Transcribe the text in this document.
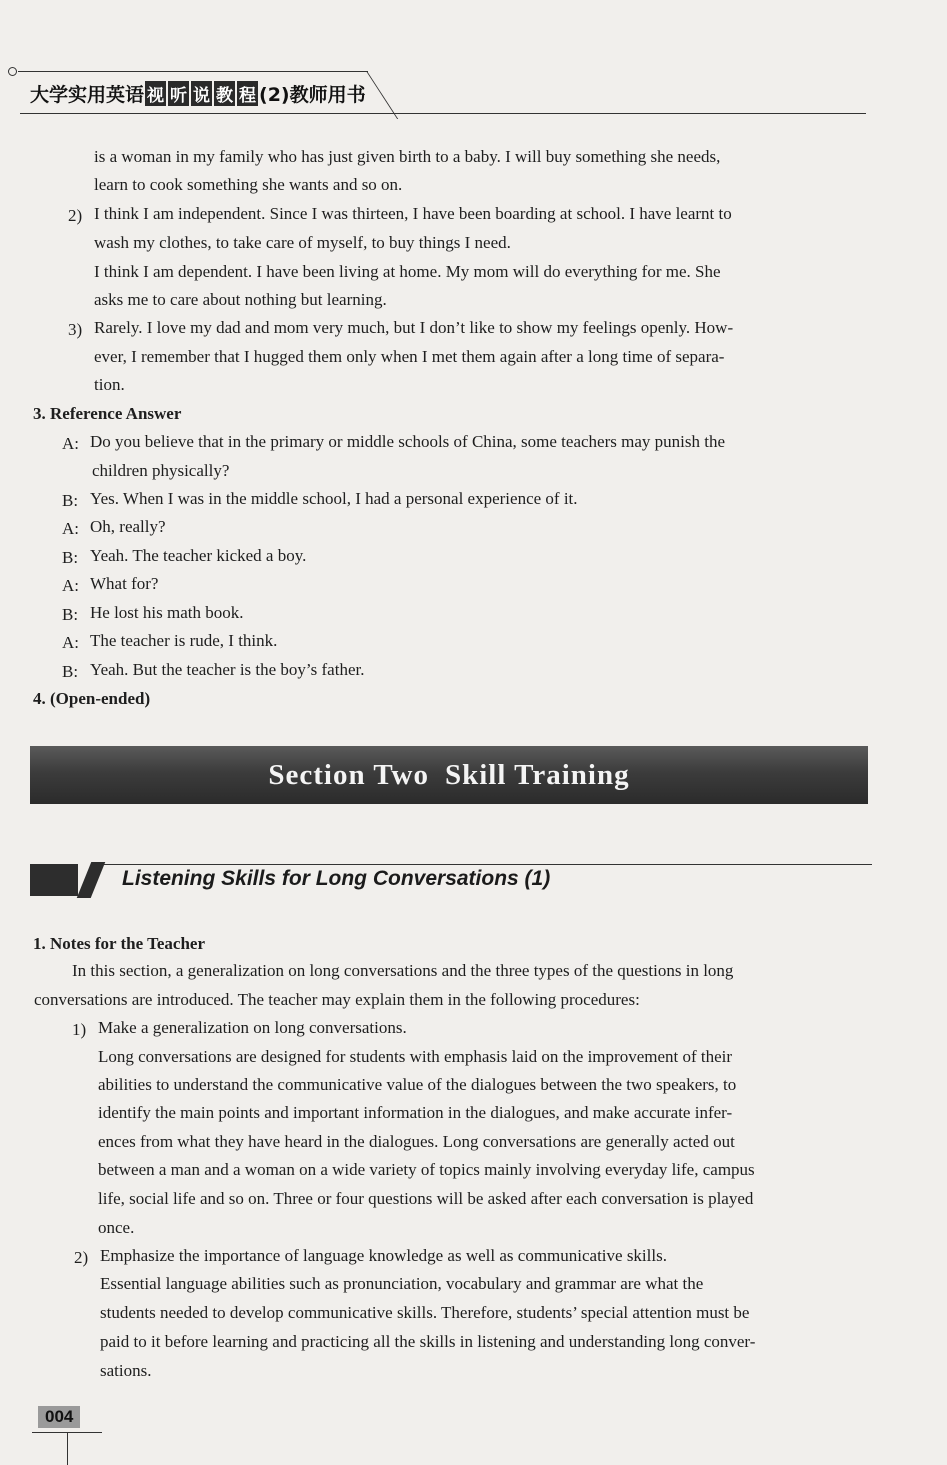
大学实用英语 视 听 说 教 程 (2)教师用书
is a woman in my family who has just given birth to a baby. I will buy something she needs,
learn to cook something she wants and so on.
2) I think I am independent. Since I was thirteen, I have been boarding at school. I have learnt to
wash my clothes, to take care of myself, to buy things I need.
I think I am dependent. I have been living at home. My mom will do everything for me. She
asks me to care about nothing but learning.
3) Rarely. I love my dad and mom very much, but I don’t like to show my feelings openly. How-
ever, I remember that I hugged them only when I met them again after a long time of separa-
tion.
3. Reference Answer
A: Do you believe that in the primary or middle schools of China, some teachers may punish the
children physically?
B: Yes. When I was in the middle school, I had a personal experience of it.
A: Oh, really?
B: Yeah. The teacher kicked a boy.
A: What for?
B: He lost his math book.
A: The teacher is rude, I think.
B: Yeah. But the teacher is the boy’s father.
4. (Open-ended)
Section Two Skill Training
Listening Skills for Long Conversations (1)
1. Notes for the Teacher
In this section, a generalization on long conversations and the three types of the questions in long
conversations are introduced. The teacher may explain them in the following procedures:
1) Make a generalization on long conversations.
Long conversations are designed for students with emphasis laid on the improvement of their
abilities to understand the communicative value of the dialogues between the two speakers, to
identify the main points and important information in the dialogues, and make accurate infer-
ences from what they have heard in the dialogues. Long conversations are generally acted out
between a man and a woman on a wide variety of topics mainly involving everyday life, campus
life, social life and so on. Three or four questions will be asked after each conversation is played
once.
2) Emphasize the importance of language knowledge as well as communicative skills.
Essential language abilities such as pronunciation, vocabulary and grammar are what the
students needed to develop communicative skills. Therefore, students’ special attention must be
paid to it before learning and practicing all the skills in listening and understanding long conver-
sations.
004
